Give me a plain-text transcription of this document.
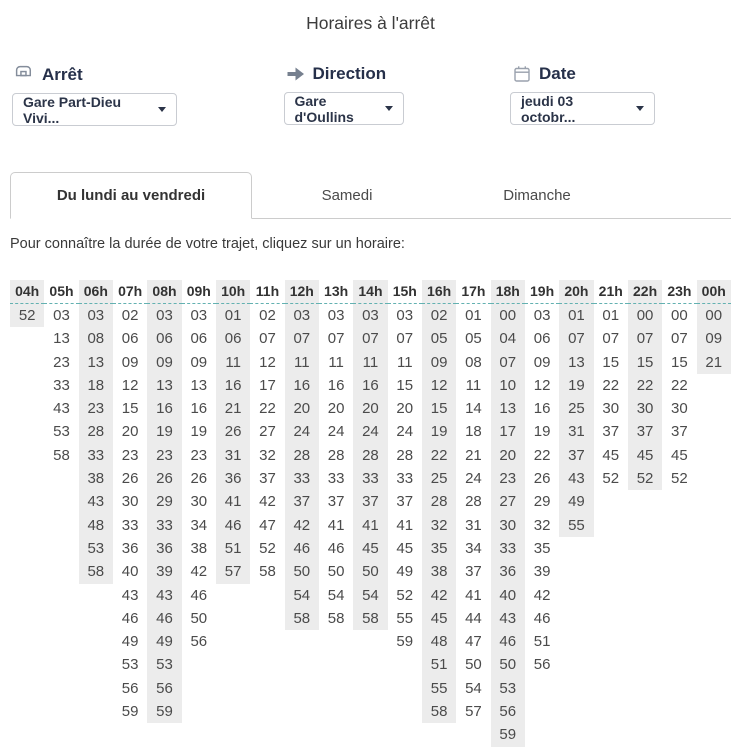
Horaires à l'arrêt
Arrêt
Gare Part-Dieu Vivi...
Direction
Gare d'Oullins
Date
jeudi 03 octobr...
Du lundi au vendredi	Samedi	Dimanche
Pour connaître la durée de votre trajet, cliquez sur un horaire:
04h
52
05h
03
13
23
33
43
53
58
06h
03
08
13
18
23
28
33
38
43
48
53
58
07h
02
06
09
12
15
20
23
26
30
33
36
40
43
46
49
53
56
59
08h
03
06
09
13
16
19
23
26
29
33
36
39
43
46
49
53
56
59
09h
03
06
09
13
16
19
23
26
30
34
38
42
46
50
56
10h
01
06
11
16
21
26
31
36
41
46
51
57
11h
02
07
12
17
22
27
32
37
42
47
52
58
12h
03
07
11
16
20
24
28
33
37
42
46
50
54
58
13h
03
07
11
16
20
24
28
33
37
41
46
50
54
58
14h
03
07
11
16
20
24
28
33
37
41
45
50
54
58
15h
03
07
11
15
20
24
28
33
37
41
45
49
52
55
59
16h
02
05
09
12
15
19
22
25
28
32
35
38
42
45
48
51
55
58
17h
01
05
08
11
14
18
21
24
28
31
34
37
41
44
47
50
54
57
18h
00
04
07
10
13
17
20
23
27
30
33
36
40
43
46
50
53
56
59
19h
03
06
09
12
16
19
22
26
29
32
35
39
42
46
51
56
20h
01
07
13
19
25
31
37
43
49
55
21h
01
07
15
22
30
37
45
52
22h
00
07
15
22
30
37
45
52
23h
00
07
15
22
30
37
45
52
00h
00
09
21
